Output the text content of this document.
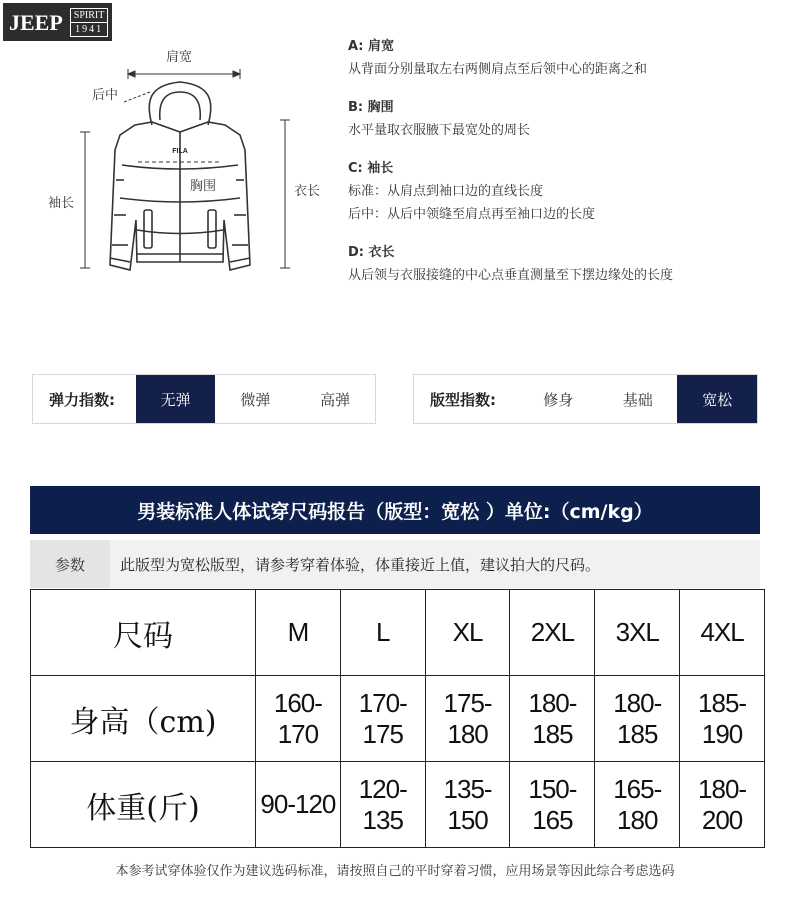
JEEP	SPIRIT
1941
FILA
肩宽
后中
袖长
胸围	衣长
A: 肩宽
从背面分别量取左右两侧肩点至后领中心的距离之和
B: 胸围
水平量取衣服腋下最宽处的周长
C: 袖长
标准：从肩点到袖口边的直线长度
后中：从后中领缝至肩点再至袖口边的长度
D: 衣长
从后领与衣服接缝的中心点垂直测量至下摆边缘处的长度
弹力指数:	无弹	微弹	高弹	版型指数:	修身	基础	宽松
男装标准人体试穿尺码报告（版型：宽松 ）单位:（cm/kg）
参数	此版型为宽松版型，请参考穿着体验，体重接近上值，建议拍大的尺码。
尺码	M	L	XL	2XL	3XL	4XL
身高（cm)	160-170	170-175	175-180	180-185	180-185	185-190
体重(斤)	90-120	120-135	135-150	150-165	165-180	180-200
本参考试穿体验仅作为建议选码标准，请按照自己的平时穿着习惯，应用场景等因此综合考虑选码
